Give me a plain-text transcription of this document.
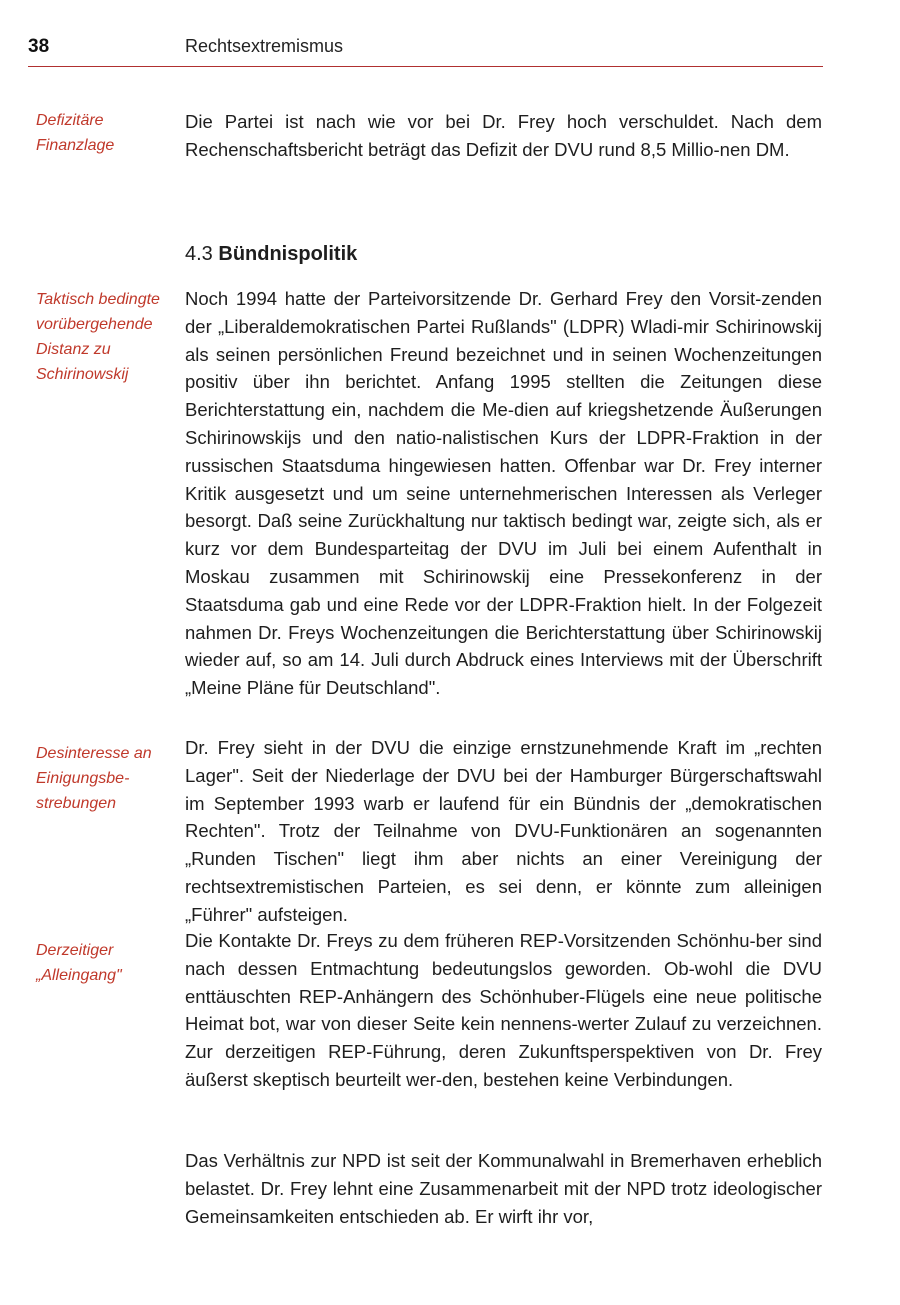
38	Rechtsextremismus
Defizitäre Finanzlage
Taktisch bedingte vorübergehende Distanz zu Schirinowskij
Desinteresse an Einigungsbe-strebungen
Derzeitiger „Alleingang"

Die Partei ist nach wie vor bei Dr. Frey hoch verschuldet. Nach dem Rechenschaftsbericht beträgt das Defizit der DVU rund 8,5 Millio-nen DM.

4.3 Bündnispolitik

Noch 1994 hatte der Parteivorsitzende Dr. Gerhard Frey den Vorsit-zenden der „Liberaldemokratischen Partei Rußlands" (LDPR) Wladi-mir Schirinowskij als seinen persönlichen Freund bezeichnet und in seinen Wochenzeitungen positiv über ihn berichtet. Anfang 1995 stellten die Zeitungen diese Berichterstattung ein, nachdem die Me-dien auf kriegshetzende Äußerungen Schirinowskijs und den natio-nalistischen Kurs der LDPR-Fraktion in der russischen Staatsduma hingewiesen hatten. Offenbar war Dr. Frey interner Kritik ausgesetzt und um seine unternehmerischen Interessen als Verleger besorgt. Daß seine Zurückhaltung nur taktisch bedingt war, zeigte sich, als er kurz vor dem Bundesparteitag der DVU im Juli bei einem Aufenthalt in Moskau zusammen mit Schirinowskij eine Pressekonferenz in der Staatsduma gab und eine Rede vor der LDPR-Fraktion hielt. In der Folgezeit nahmen Dr. Freys Wochenzeitungen die Berichterstattung über Schirinowskij wieder auf, so am 14. Juli durch Abdruck eines Interviews mit der Überschrift „Meine Pläne für Deutschland".

Dr. Frey sieht in der DVU die einzige ernstzunehmende Kraft im „rechten Lager". Seit der Niederlage der DVU bei der Hamburger Bürgerschaftswahl im September 1993 warb er laufend für ein Bündnis der „demokratischen Rechten". Trotz der Teilnahme von DVU-Funktionären an sogenannten „Runden Tischen" liegt ihm aber nichts an einer Vereinigung der rechtsextremistischen Parteien, es sei denn, er könnte zum alleinigen „Führer" aufsteigen.

Die Kontakte Dr. Freys zu dem früheren REP-Vorsitzenden Schönhu-ber sind nach dessen Entmachtung bedeutungslos geworden. Ob-wohl die DVU enttäuschten REP-Anhängern des Schönhuber-Flügels eine neue politische Heimat bot, war von dieser Seite kein nennens-werter Zulauf zu verzeichnen. Zur derzeitigen REP-Führung, deren Zukunftsperspektiven von Dr. Frey äußerst skeptisch beurteilt wer-den, bestehen keine Verbindungen.

Das Verhältnis zur NPD ist seit der Kommunalwahl in Bremerhaven erheblich belastet. Dr. Frey lehnt eine Zusammenarbeit mit der NPD trotz ideologischer Gemeinsamkeiten entschieden ab. Er wirft ihr vor,
